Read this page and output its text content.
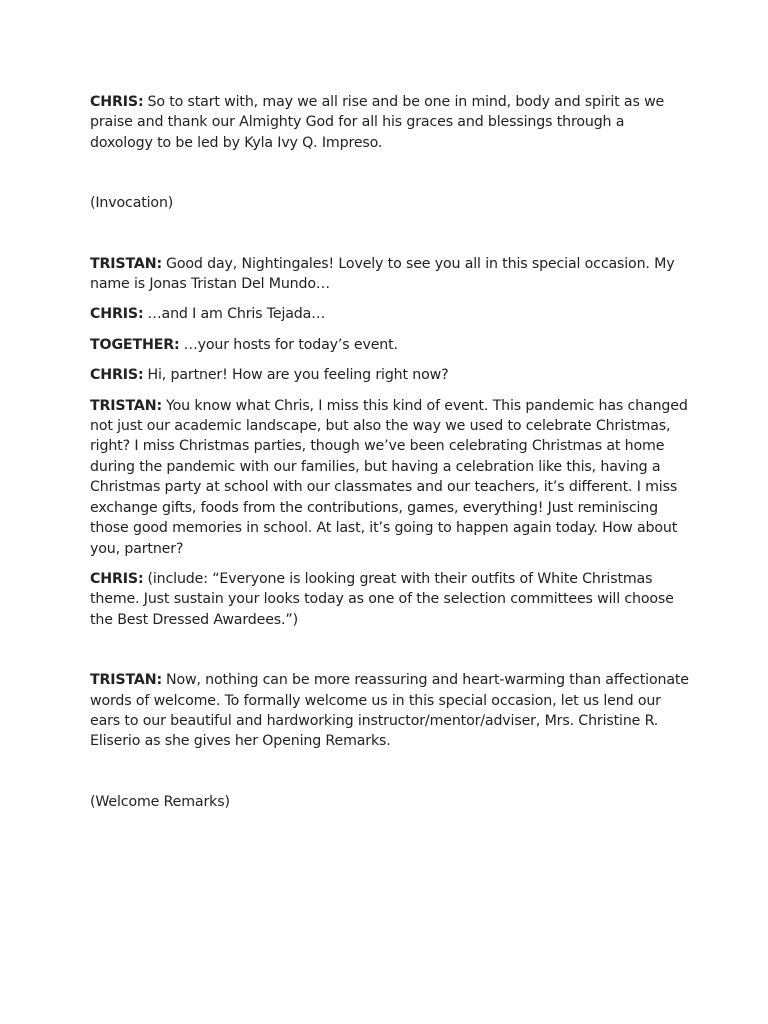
CHRIS: So to start with, may we all rise and be one in mind, body and spirit as we praise and thank our Almighty God for all his graces and blessings through a doxology to be led by Kyla Ivy Q. Impreso.

(Invocation)

TRISTAN: Good day, Nightingales! Lovely to see you all in this special occasion. My name is Jonas Tristan Del Mundo…

CHRIS: …and I am Chris Tejada…

TOGETHER: …your hosts for today’s event.

CHRIS: Hi, partner! How are you feeling right now?

TRISTAN: You know what Chris, I miss this kind of event. This pandemic has changed not just our academic landscape, but also the way we used to celebrate Christmas, right? I miss Christmas parties, though we’ve been celebrating Christmas at home during the pandemic with our families, but having a celebration like this, having a Christmas party at school with our classmates and our teachers, it’s different. I miss exchange gifts, foods from the contributions, games, everything! Just reminiscing those good memories in school. At last, it’s going to happen again today. How about you, partner?

CHRIS: (include: “Everyone is looking great with their outfits of White Christmas theme. Just sustain your looks today as one of the selection committees will choose the Best Dressed Awardees.”)

TRISTAN: Now, nothing can be more reassuring and heart-warming than affectionate words of welcome. To formally welcome us in this special occasion, let us lend our ears to our beautiful and hardworking instructor/mentor/adviser, Mrs. Christine R. Eliserio as she gives her Opening Remarks.

(Welcome Remarks)
